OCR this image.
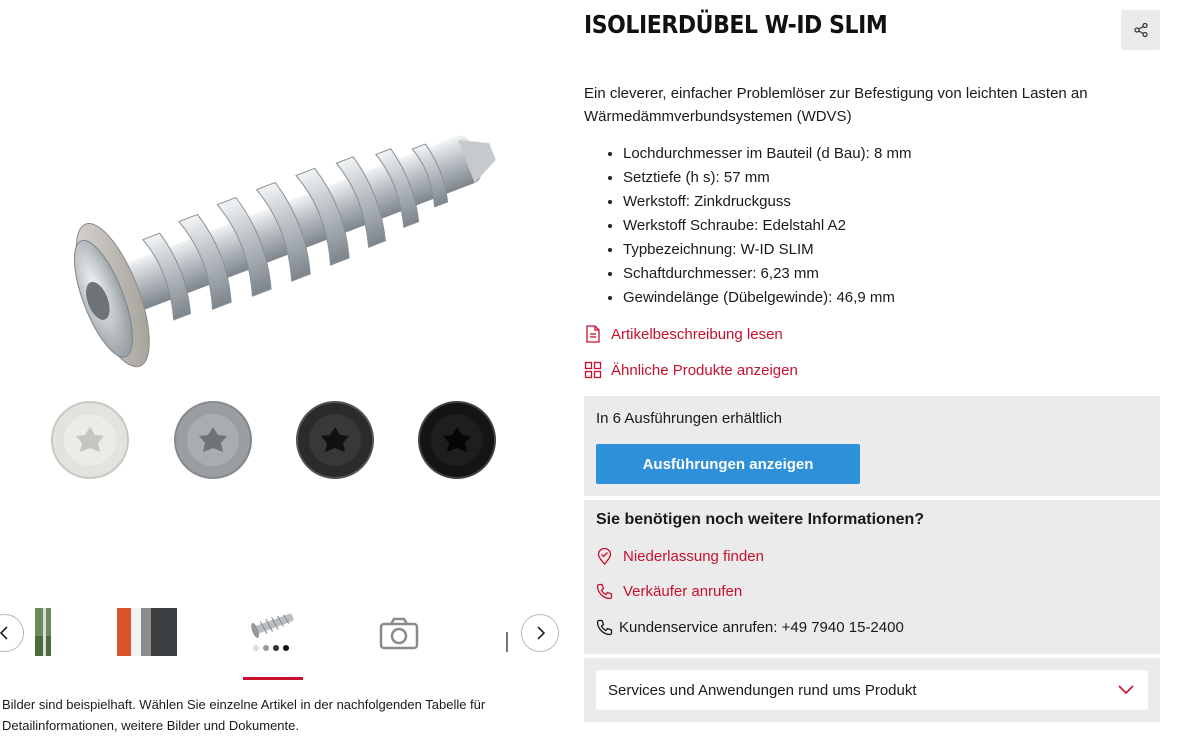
Bilder sind beispielhaft. Wählen Sie einzelne Artikel in der nachfolgenden Tabelle für Detailinformationen, weitere Bilder und Dokumente.
ISOLIERDÜBEL W-ID SLIM

Ein cleverer, einfacher Problemlöser zur Befestigung von leichten Lasten an Wärmedämmverbundsystemen (WDVS)

Lochdurchmesser im Bauteil (d Bau): 8 mm
Setztiefe (h s): 57 mm
Werkstoff: Zinkdruckguss
Werkstoff Schraube: Edelstahl A2
Typbezeichnung: W-ID SLIM
Schaftdurchmesser: 6,23 mm
Gewindelänge (Dübelgewinde): 46,9 mm
Artikelbeschreibung lesen
Ähnliche Produkte anzeigen
In 6 Ausführungen erhältlich
Ausführungen anzeigen
Sie benötigen noch weitere Informationen?
Niederlassung finden
Verkäufer anrufen
Kundenservice anrufen: +49 7940 15-2400
Services und Anwendungen rund ums Produkt
